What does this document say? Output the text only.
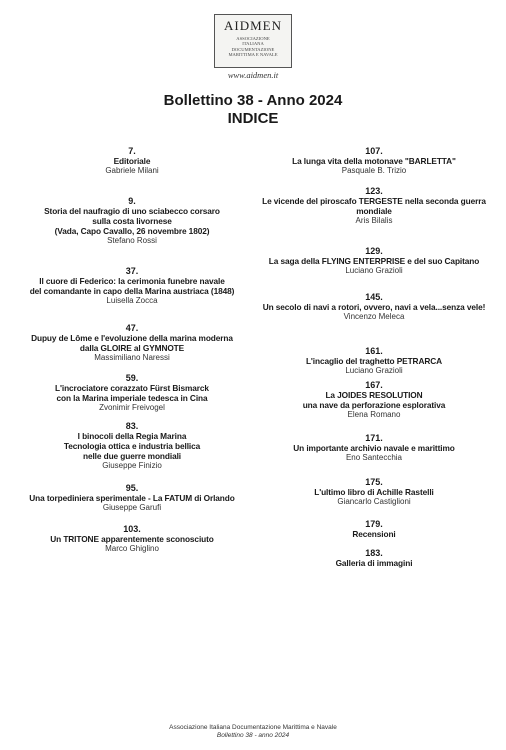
AIDMEN
ASSOCIAZIONE
ITALIANA
DOCUMENTAZIONE
MARITTIMA E NAVALE
www.aidmen.it
Bollettino 38 - Anno 2024
INDICE
7.
Editoriale
Gabriele Milani
9.
Storia del naufragio di uno sciabecco corsaro
sulla costa livornese
(Vada, Capo Cavallo, 26 novembre 1802)
Stefano Rossi
37.
Il cuore di Federico: la cerimonia funebre navale
del comandante in capo della Marina austriaca (1848)
Luisella Zocca
47.
Dupuy de Lôme e l'evoluzione della marina moderna
dalla GLOIRE al GYMNOTE
Massimiliano Naressi
59.
L'incrociatore corazzato Fürst Bismarck
con la Marina imperiale tedesca in Cina
Zvonimir Freivogel
83.
I binocoli della Regia Marina
Tecnologia ottica e industria bellica
nelle due guerre mondiali
Giuseppe Finizio
95.
Una torpediniera sperimentale - La FATUM di Orlando
Giuseppe Garufi
103.
Un TRITONE apparentemente sconosciuto
Marco Ghiglino
107.
La lunga vita della motonave "BARLETTA"
Pasquale B. Trizio
123.
Le vicende del piroscafo TERGESTE nella seconda guerra
mondiale
Aris Bilalis
129.
La saga della FLYING ENTERPRISE e del suo Capitano
Luciano Grazioli
145.
Un secolo di navi a rotori, ovvero, navi a vela...senza vele!
Vincenzo Meleca
161.
L'incaglio del traghetto PETRARCA
Luciano Grazioli
167.
La JOIDES RESOLUTION
una nave da perforazione esplorativa
Elena Romano
171.
Un importante archivio navale e marittimo
Eno Santecchia
175.
L'ultimo libro di Achille Rastelli
Giancarlo Castiglioni
179.
Recensioni
183.
Galleria di immagini
Associazione Italiana Documentazione Marittima e Navale
Bollettino 38 - anno 2024
